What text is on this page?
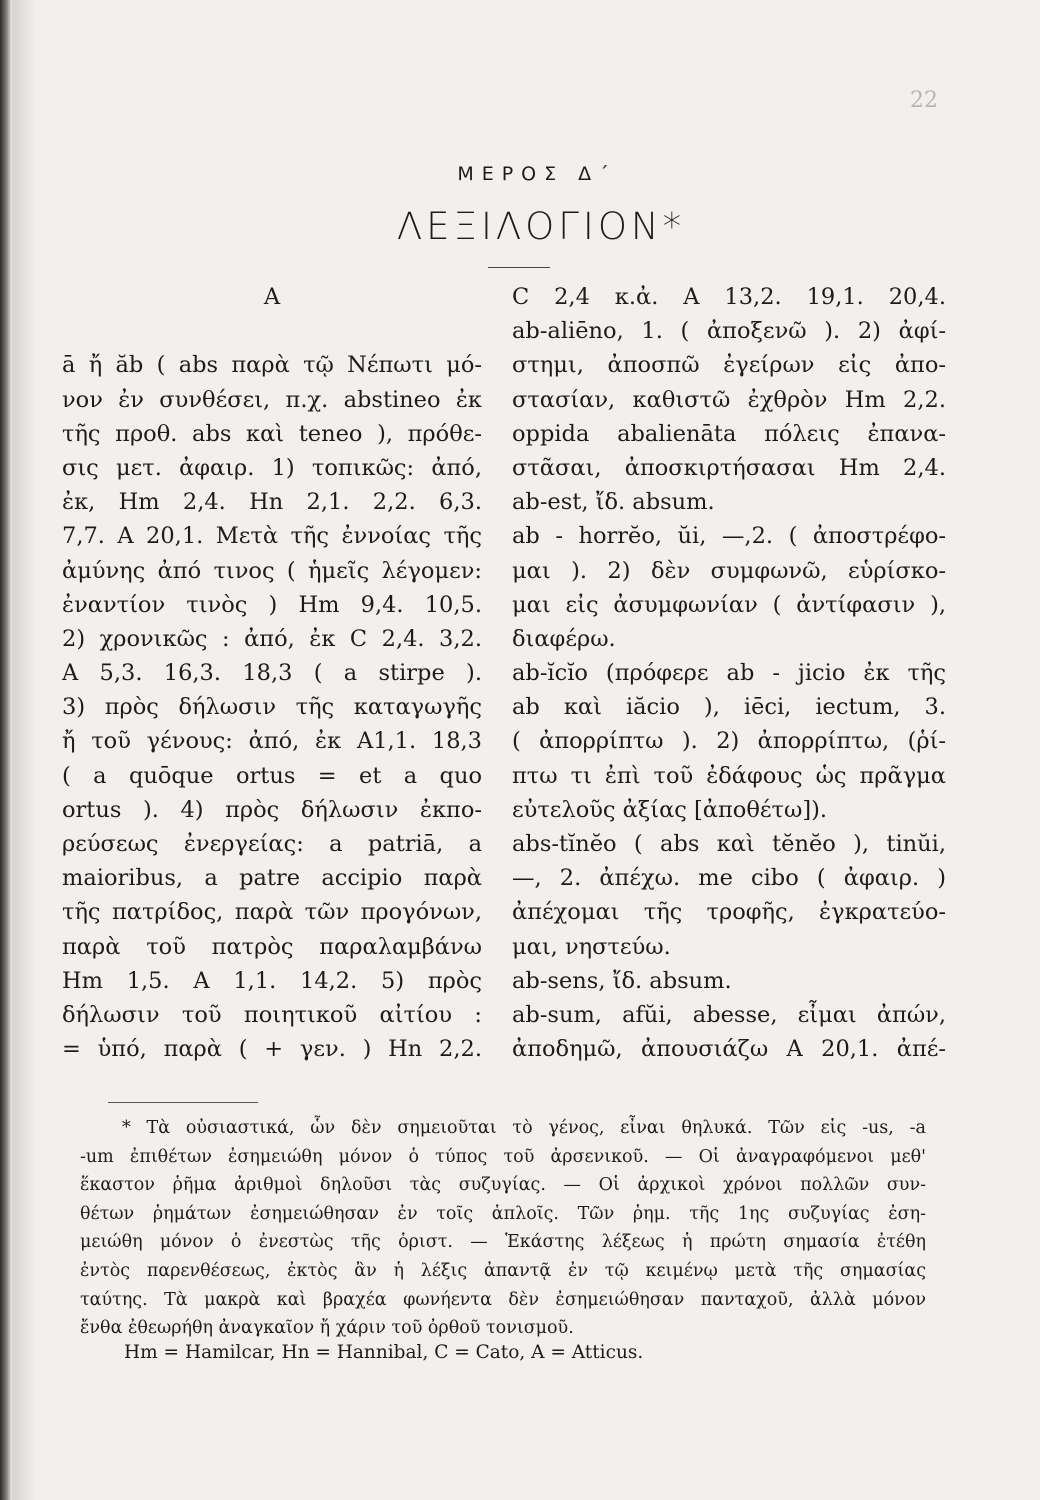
22
ΜΕΡΟΣ Δ΄
ΛΕΞΙΛΟΓΙΟΝ*
A
ā ἤ ăb ( abs παρὰ τῷ Νέπωτι μό-
νον ἐν συνθέσει, π.χ. abstineo ἐκ
τῆς προθ. abs καὶ teneo ), πρόθε-
σις μετ. ἀφαιρ. 1) τοπικῶς: ἀπό,
ἐκ, Hm 2,4. Hn 2,1. 2,2. 6,3.
7,7. A 20,1. Μετὰ τῆς ἐννοίας τῆς
ἀμύνης ἀπό τινος ( ἡμεῖς λέγομεν:
ἐναντίον τινὸς ) Hm 9,4. 10,5.
2) χρονικῶς : ἀπό, ἐκ C 2,4. 3,2.
A 5,3. 16,3. 18,3 ( a stirpe ).
3) πρὸς δήλωσιν τῆς καταγωγῆς
ἤ τοῦ γένους: ἀπό, ἐκ A1,1. 18,3
( a quōque ortus = et a quo
ortus ). 4) πρὸς δήλωσιν ἐκπο-
ρεύσεως ἐνεργείας: a patriā, a
maioribus, a patre accipio παρὰ
τῆς πατρίδος, παρὰ τῶν προγόνων,
παρὰ τοῦ πατρὸς παραλαμβάνω
Hm 1,5. A 1,1. 14,2. 5) πρὸς
δήλωσιν τοῦ ποιητικοῦ αἰτίου :
= ὑπό, παρὰ ( + γεν. ) Hn 2,2.
C 2,4 κ.ἀ. A 13,2. 19,1. 20,4.
ab-aliēno, 1. ( ἀποξενῶ ). 2) ἀφί-
στημι, ἀποσπῶ ἐγείρων εἰς ἀπο-
στασίαν, καθιστῶ ἐχθρὸν Hm 2,2.
oppida abalienāta πόλεις ἐπανα-
στᾶσαι, ἀποσκιρτήσασαι Hm 2,4.
ab-est, ἴδ. absum.
ab - horrĕo, ŭi, —,2. ( ἀποστρέφο-
μαι ). 2) δὲν συμφωνῶ, εὑρίσκο-
μαι εἰς ἀσυμφωνίαν ( ἀντίφασιν ),
διαφέρω.
ab-ĭcĭo (πρόφερε ab - jicio ἐκ τῆς
ab καὶ iăcio ), iēci, iectum, 3.
( ἀπορρίπτω ). 2) ἀπορρίπτω, (ῥί-
πτω τι ἐπὶ τοῦ ἐδάφους ὡς πρᾶγμα
εὐτελοῦς ἀξίας [ἀποθέτω]).
abs-tĭnĕo ( abs καὶ tĕnĕo ), tinŭi,
—, 2. ἀπέχω. me cibo ( ἀφαιρ. )
ἀπέχομαι τῆς τροφῆς, ἐγκρατεύο-
μαι, νηστεύω.
ab-sens, ἴδ. absum.
ab-sum, afŭi, abesse, εἶμαι ἀπών,
ἀποδημῶ, ἀπουσιάζω A 20,1. ἀπέ-
* Τὰ οὐσιαστικά, ὧν δὲν σημειοῦται τὸ γένος, εἶναι θηλυκά. Τῶν εἰς -us, -a
-um ἐπιθέτων ἐσημειώθη μόνον ὁ τύπος τοῦ ἀρσενικοῦ. — Οἱ ἀναγραφόμενοι μεθ'
ἕκαστον ῥῆμα ἀριθμοὶ δηλοῦσι τὰς συζυγίας. — Οἱ ἀρχικοὶ χρόνοι πολλῶν συν-
θέτων ῥημάτων ἐσημειώθησαν ἐν τοῖς ἁπλοῖς. Τῶν ῥημ. τῆς 1ης συζυγίας ἐση-
μειώθη μόνον ὁ ἐνεστὼς τῆς ὁριστ. — Ἑκάστης λέξεως ἡ πρώτη σημασία ἐτέθη
ἐντὸς παρενθέσεως, ἐκτὸς ἂν ἡ λέξις ἀπαντᾷ ἐν τῷ κειμένῳ μετὰ τῆς σημασίας
ταύτης. Τὰ μακρὰ καὶ βραχέα φωνήεντα δὲν ἐσημειώθησαν πανταχοῦ, ἀλλὰ μόνον
ἔνθα ἐθεωρήθη ἀναγκαῖον ἤ χάριν τοῦ ὀρθοῦ τονισμοῦ.
Hm = Hamilcar, Hn = Hannibal, C = Cato, A = Atticus.
